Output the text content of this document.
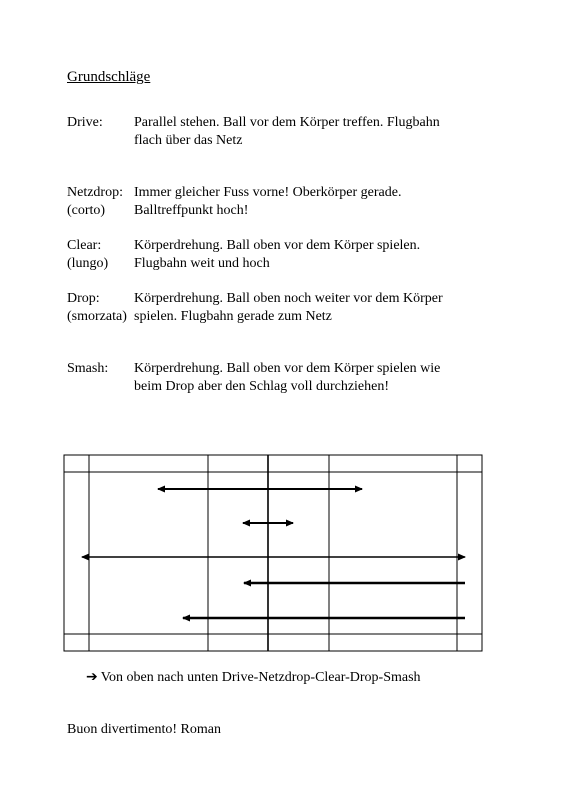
Grundschläge
Drive: Parallel stehen. Ball vor dem Körper treffen. Flugbahn
flach über das Netz
Netzdrop:
(corto)
Immer gleicher Fuss vorne! Oberkörper gerade.
Balltreffpunkt hoch!
Clear:
(lungo)
Körperdrehung. Ball oben vor dem Körper spielen.
Flugbahn weit und hoch
Drop:
(smorzata)
Körperdrehung. Ball oben noch weiter vor dem Körper
spielen. Flugbahn gerade zum Netz
Smash: Körperdrehung. Ball oben vor dem Körper spielen wie
beim Drop aber den Schlag voll durchziehen!
➔ Von oben nach unten Drive-Netzdrop-Clear-Drop-Smash
Buon divertimento! Roman
